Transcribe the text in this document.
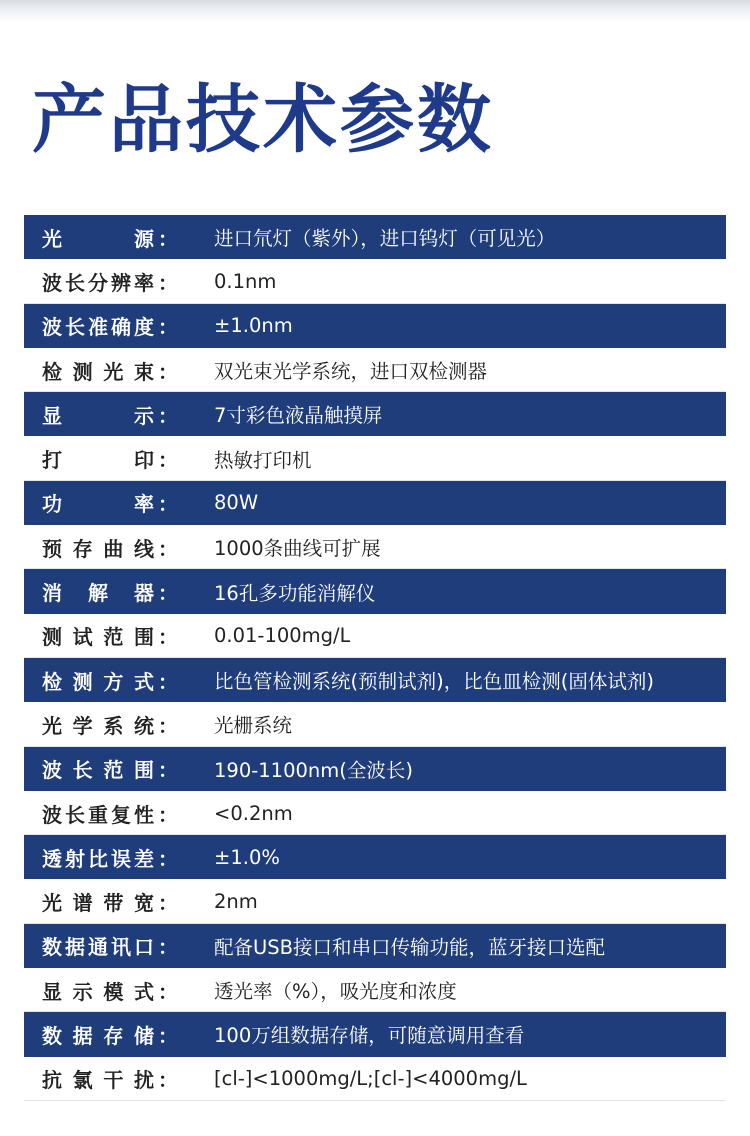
产品技术参数
光源 ： 进口氘灯（紫外），进口钨灯（可见光）
波长分辨率 ： 0.1nm
波长准确度 ： ±1.0nm
检测光束 ： 双光束光学系统，进口双检测器
显示 ： 7寸彩色液晶触摸屏
打印 ： 热敏打印机
功率 ： 80W
预存曲线 ： 1000条曲线可扩展
消解器 ： 16孔多功能消解仪
测试范围 ： 0.01-100mg/L
检测方式 ： 比色管检测系统(预制试剂)，比色皿检测(固体试剂)
光学系统 ： 光栅系统
波长范围 ： 190-1100nm(全波长)
波长重复性 ： <0.2nm
透射比误差 ： ±1.0%
光谱带宽 ： 2nm
数据通讯口 ： 配备USB接口和串口传输功能，蓝牙接口选配
显示模式 ： 透光率（%），吸光度和浓度
数据存储 ： 100万组数据存储，可随意调用查看
抗氯干扰 ： [cl-]<1000mg/L;[cl-]<4000mg/L
